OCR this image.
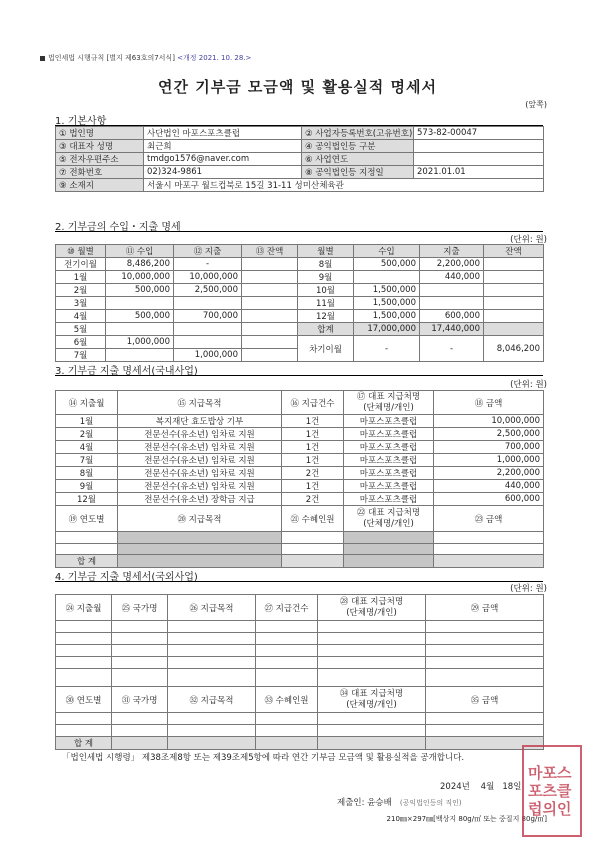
법인세법 시행규칙 [별지 제63호의7서식] <개정 2021. 10. 28.>
연간 기부금 모금액 및 활용실적 명세서
(앞쪽)
1. 기본사항
① 법인명	사단법인 마포스포츠클럽	② 사업자등록번호(고유번호)	573-82-00047
③ 대표자 성명	최근희	④ 공익법인등 구분	
⑤ 전자우편주소	tmdgo1576@naver.com	⑥ 사업연도	
⑦ 전화번호	02)324-9861	⑧ 공익법인등 지정일	2021.01.01
⑨ 소재지	서울시 마포구 월드컵북로 15길 31-11 성미산체육관		
2. 기부금의 수입・지출 명세
(단위: 원)
⑩ 월별	⑪ 수입	⑫ 지출	⑬ 잔액	월별	수입	지출	잔액
전기이월	8,486,200	-		8월	500,000	2,200,000	
1월	10,000,000	10,000,000		9월		440,000	
2월	500,000	2,500,000		10월	1,500,000		
3월				11월	1,500,000		
4월	500,000	700,000		12월	1,500,000	600,000	
5월				합계	17,000,000	17,440,000	
6월	1,000,000			차기이월	-	-	8,046,200
7월		1,000,000					
3. 기부금 지출 명세서(국내사업)
(단위: 원)
⑭ 지출월	⑮ 지급목적	⑯ 지급건수	⑰ 대표 지급처명
(단체명/개인)	⑱ 금액
1월	복지재단 효도밥상 기부	1건	마포스포츠클럽	10,000,000
2월	전문선수(유소년) 임차료 지원	1건	마포스포츠클럽	2,500,000
4월	전문선수(유소년) 임차료 지원	1건	마포스포츠클럽	700,000
7월	전문선수(유소년) 임차료 지원	1건	마포스포츠클럽	1,000,000
8월	전문선수(유소년) 임차료 지원	2건	마포스포츠클럽	2,200,000
9월	전문선수(유소년) 임차료 지원	1건	마포스포츠클럽	440,000
12월	전문선수(유소년) 장학금 지급	2건	마포스포츠클럽	600,000
⑲ 연도별	⑳ 지급목적	㉑ 수혜인원	㉒ 대표 지급처명
(단체명/개인)	㉓ 금액

합 계				
4. 기부금 지출 명세서(국외사업)
(단위: 원)
㉔ 지출월	㉕ 국가명	㉖ 지급목적	㉗ 지급건수	㉘ 대표 지급처명
(단체명/개인)	㉙ 금액

㉚ 연도별	㉛ 국가명	㉜ 지급목적	㉝ 수혜인원	㉞ 대표 지급처명
(단체명/개인)	㉟ 금액

합 계					
「법인세법 시행령」 제38조제8항 또는 제39조제5항에 따라 연간 기부금 모금액 및 활용실적을 공개합니다.
2024년 4월 18일
제출인: 윤승배 (공익법인등의 직인)
210㎜×297㎜[백상지 80g/㎡ 또는 중질지 80g/㎡]
마포스포츠클럽의인
